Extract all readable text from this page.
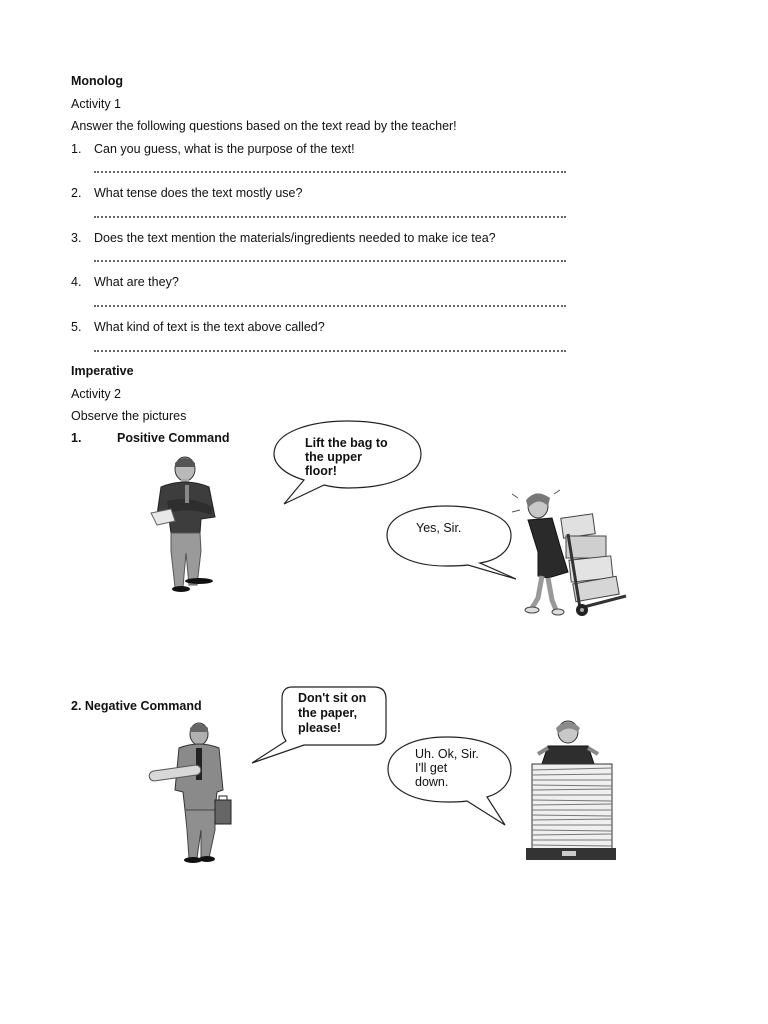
Monolog
Activity 1
Answer the following questions based on the text read by the teacher!
1. Can you guess, what is the purpose of the text!
2. What tense does the text mostly use?
3. Does the text mention the materials/ingredients needed to make ice tea?
4. What are they?
5. What kind of text is the text above called?
Imperative
Activity 2
Observe the pictures
1.	Positive Command	Lift the bag to
the upper
floor!
Yes, Sir.
2. Negative Command
Don't sit on
the paper,
please!
Uh. Ok, Sir.
I'll get
down.
